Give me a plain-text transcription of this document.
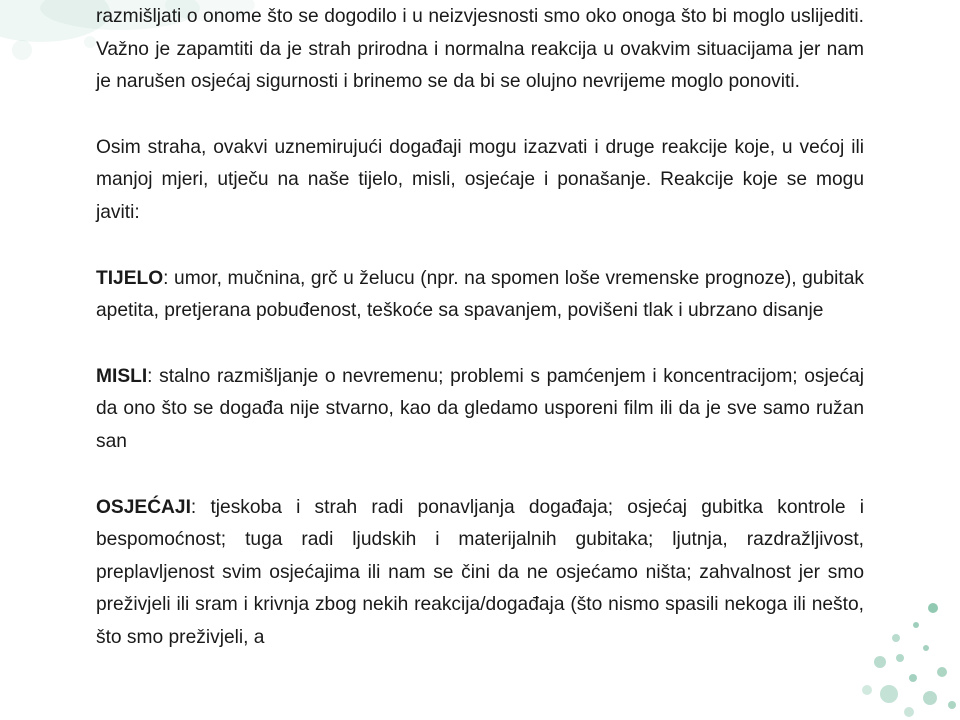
razmišljati o onome što se dogodilo i u neizvjesnosti smo oko onoga što bi moglo uslijediti. Važno je zapamtiti da je strah prirodna i normalna reakcija u ovakvim situacijama jer nam je narušen osjećaj sigurnosti i brinemo se da bi se olujno nevrijeme moglo ponoviti.

Osim straha, ovakvi uznemirujući događaji mogu izazvati i druge reakcije koje, u većoj ili manjoj mjeri, utječu na naše tijelo, misli, osjećaje i ponašanje. Reakcije koje se mogu javiti:

TIJELO: umor, mučnina, grč u želucu (npr. na spomen loše vremenske prognoze), gubitak apetita, pretjerana pobuđenost, teškoće sa spavanjem, povišeni tlak i ubrzano disanje

MISLI: stalno razmišljanje o nevremenu; problemi s pamćenjem i koncentracijom; osjećaj da ono što se događa nije stvarno, kao da gledamo usporeni film ili da je sve samo ružan san

OSJEĆAJI: tjeskoba i strah radi ponavljanja događaja; osjećaj gubitka kontrole i bespomoćnost; tuga radi ljudskih i materijalnih gubitaka; ljutnja, razdražljivost, preplavljenost svim osjećajima ili nam se čini da ne osjećamo ništa; zahvalnost jer smo preživjeli ili sram i krivnja zbog nekih reakcija/događaja (što nismo spasili nekoga ili nešto, što smo preživjeli, a
